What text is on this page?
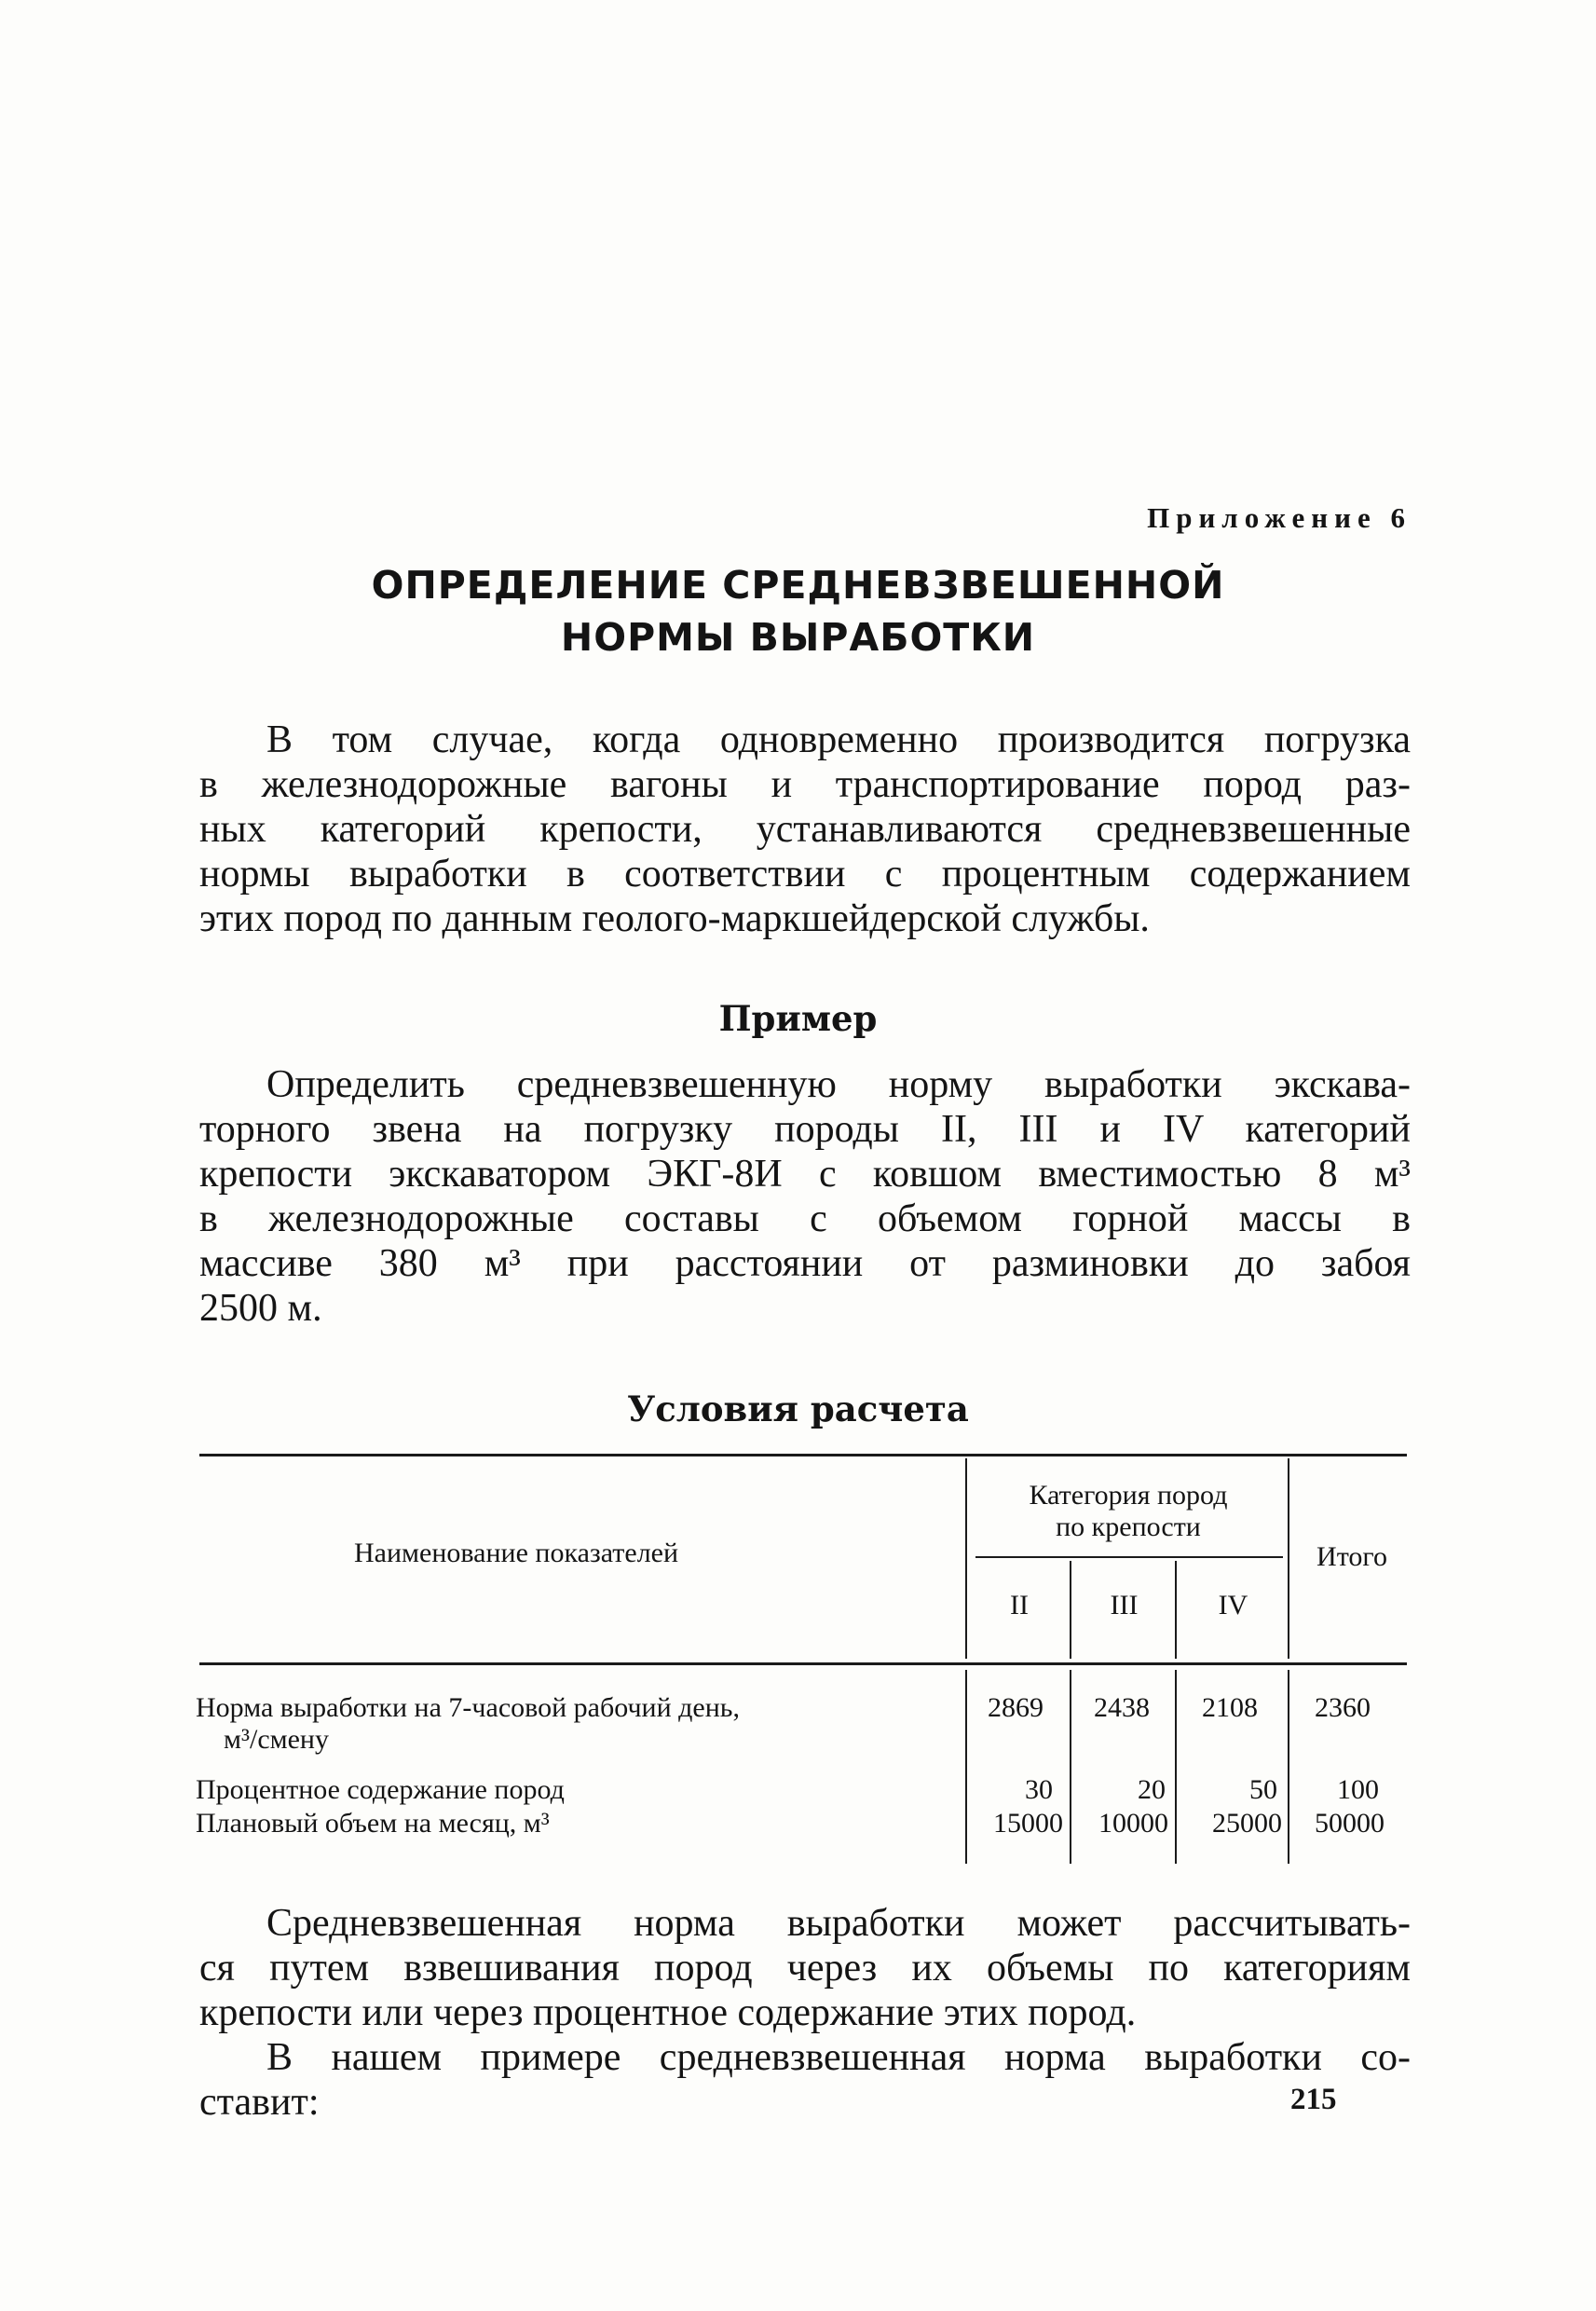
Приложение 6
ОПРЕДЕЛЕНИЕ СРЕДНЕВЗВЕШЕННОЙ
НОРМЫ ВЫРАБОТКИ
В том случае, когда одновременно производится погрузка
в железнодорожные вагоны и транспортирование пород раз-
ных категорий крепости, устанавливаются средневзвешенные
нормы выработки в соответствии с процентным содержанием
этих пород по данным геолого-маркшейдерской службы.
Пример
Определить средневзвешенную норму выработки экскава-
торного звена на погрузку породы II, III и IV категорий
крепости экскаватором ЭКГ-8И с ковшом вместимостью 8 м³
в железнодорожные составы с объемом горной массы в
массиве 380 м³ при расстоянии от разминовки до забоя
2500 м.
Условия расчета
Наименование показателей
Категория пород
по крепости
Итого
II	III	IV
Норма выработки на 7-часовой рабочий день,
м³/смену
2869	2438	2108	2360
Процентное содержание пород	30	20	50	100
Плановый объем на месяц, м³	15000	10000	25000	50000
Средневзвешенная норма выработки может рассчитывать-
ся путем взвешивания пород через их объемы по категориям
крепости или через процентное содержание этих пород.
В нашем примере средневзвешенная норма выработки со-
ставит:	215
